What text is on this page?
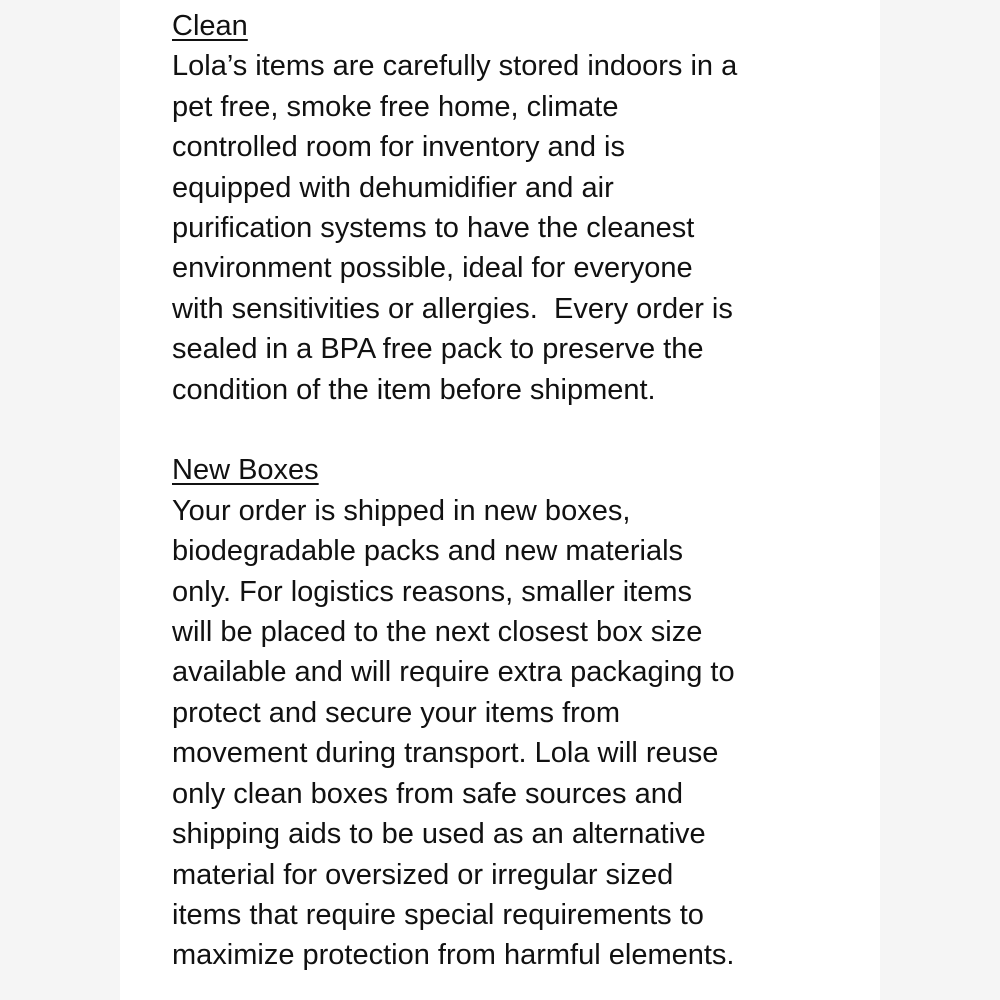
Clean
Lola’s items are carefully stored indoors in a
pet free, smoke free home, climate
controlled room for inventory and is
equipped with dehumidifier and air
purification systems to have the cleanest
environment possible, ideal for everyone
with sensitivities or allergies.  Every order is
sealed in a BPA free pack to preserve the
condition of the item before shipment.
New Boxes
Your order is shipped in new boxes,
biodegradable packs and new materials
only. For logistics reasons, smaller items
will be placed to the next closest box size
available and will require extra packaging to
protect and secure your items from
movement during transport. Lola will reuse
only clean boxes from safe sources and
shipping aids to be used as an alternative
material for oversized or irregular sized
items that require special requirements to
maximize protection from harmful elements.
